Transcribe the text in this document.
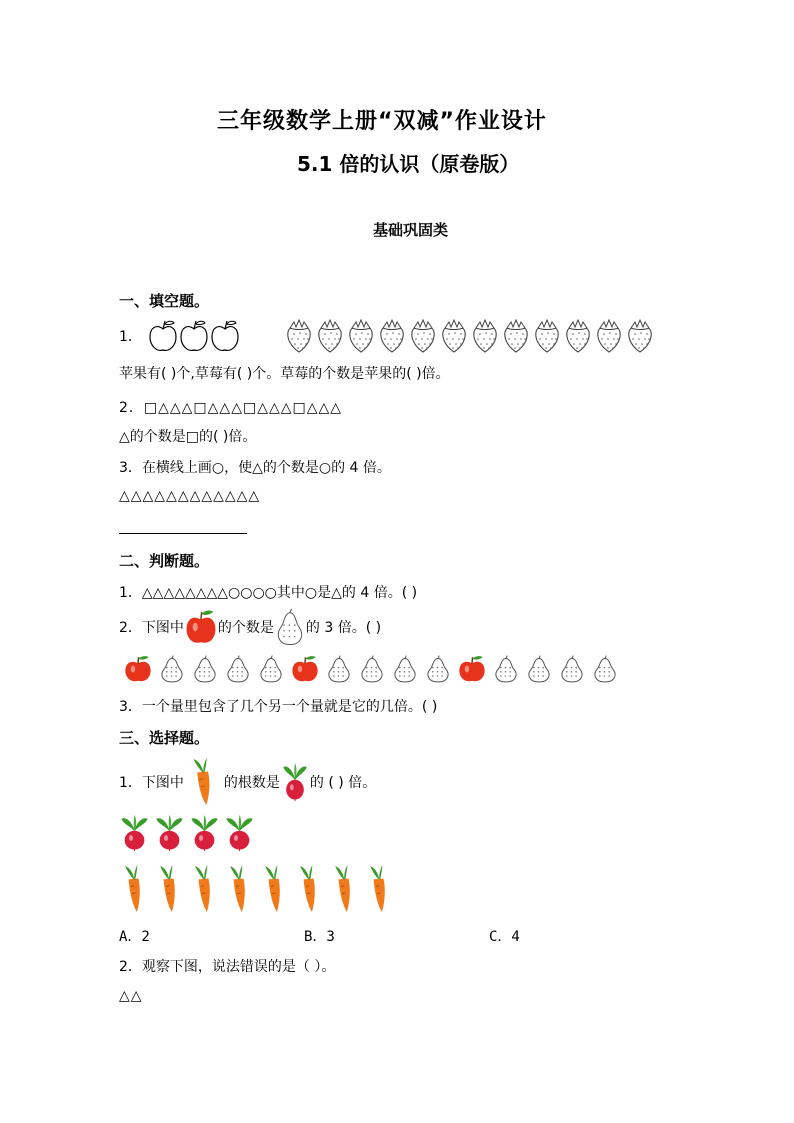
三年级数学上册“双减”作业设计
5.1 倍的认识（原卷版）
基础巩固类
一、填空题。
1．
苹果有( )个,草莓有( )个。草莓的个数是苹果的( )倍。
2．□△△△□△△△□△△△□△△△
△的个数是□的( )倍。
3．在横线上画○，使△的个数是○的 4 倍。
△△△△△△△△△△△△
二、判断题。
1．△△△△△△△△○○○○其中○是△的 4 倍。( )
2．下图中 的个数是 的 3 倍。( )
3．一个量里包含了几个另一个量就是它的几倍。( )
三、选择题。
1．下图中	的根数是 的 ( ) 倍。
A．2	B．3	C．4
2．观察下图，说法错误的是（ ）。
△△
